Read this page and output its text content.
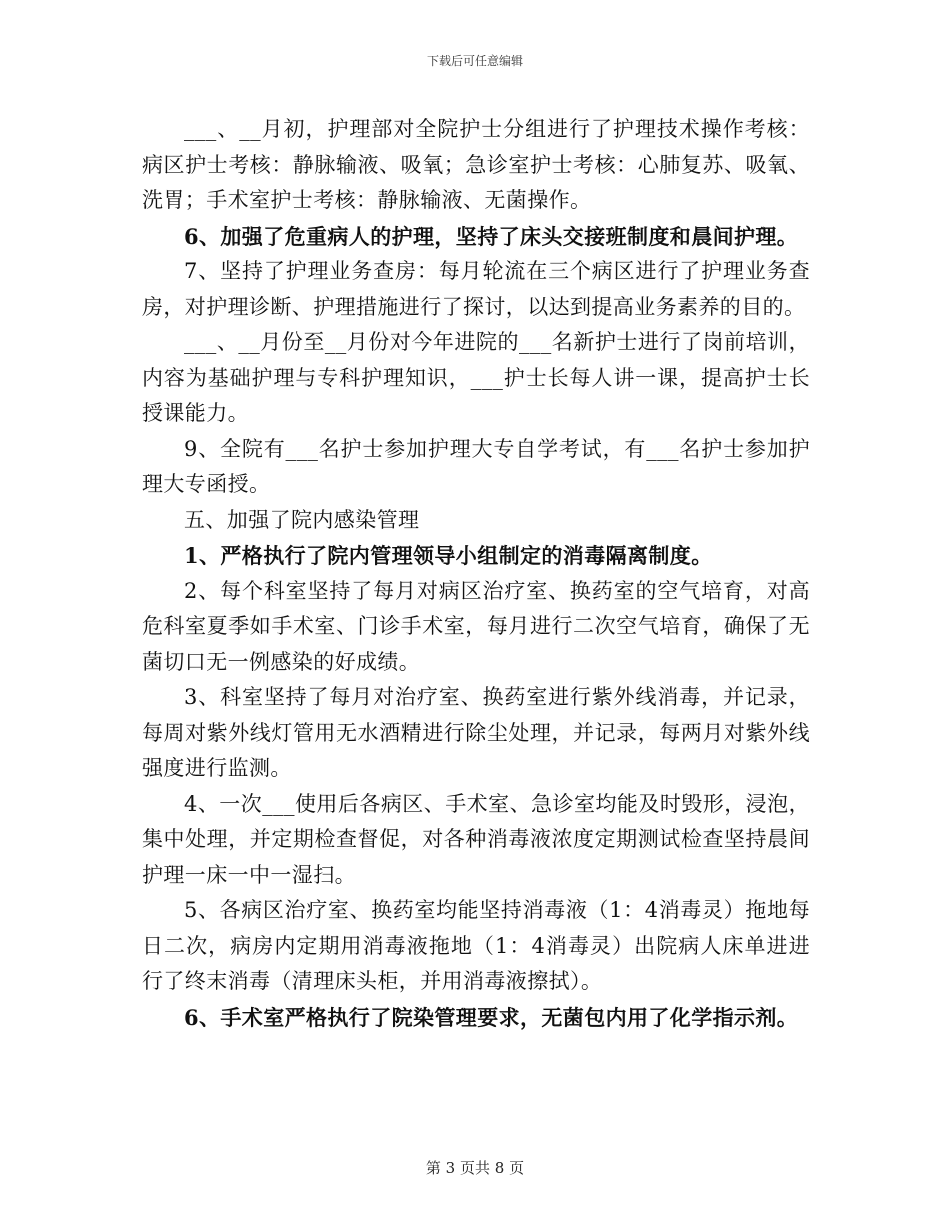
下载后可任意编辑

___、__月初，护理部对全院护士分组进行了护理技术操作考核：病区护士考核：静脉输液、吸氧；急诊室护士考核：心肺复苏、吸氧、洗胃；手术室护士考核：静脉输液、无菌操作。

6、加强了危重病人的护理，坚持了床头交接班制度和晨间护理。

7、坚持了护理业务查房：每月轮流在三个病区进行了护理业务查房，对护理诊断、护理措施进行了探讨，以达到提高业务素养的目的。

___、__月份至__月份对今年进院的___名新护士进行了岗前培训，内容为基础护理与专科护理知识，___护士长每人讲一课，提高护士长授课能力。

9、全院有___名护士参加护理大专自学考试，有___名护士参加护理大专函授。

五、加强了院内感染管理

1、严格执行了院内管理领导小组制定的消毒隔离制度。

2、每个科室坚持了每月对病区治疗室、换药室的空气培育，对高危科室夏季如手术室、门诊手术室，每月进行二次空气培育，确保了无菌切口无一例感染的好成绩。

3、科室坚持了每月对治疗室、换药室进行紫外线消毒，并记录，每周对紫外线灯管用无水酒精进行除尘处理，并记录，每两月对紫外线强度进行监测。

4、一次___使用后各病区、手术室、急诊室均能及时毁形，浸泡，集中处理，并定期检查督促，对各种消毒液浓度定期测试检查坚持晨间护理一床一中一湿扫。

5、各病区治疗室、换药室均能坚持消毒液（1：4消毒灵）拖地每日二次，病房内定期用消毒液拖地（1：4消毒灵）出院病人床单进进行了终末消毒（清理床头柜，并用消毒液擦拭）。

6、手术室严格执行了院染管理要求，无菌包内用了化学指示剂。

第 3 页共 8 页
